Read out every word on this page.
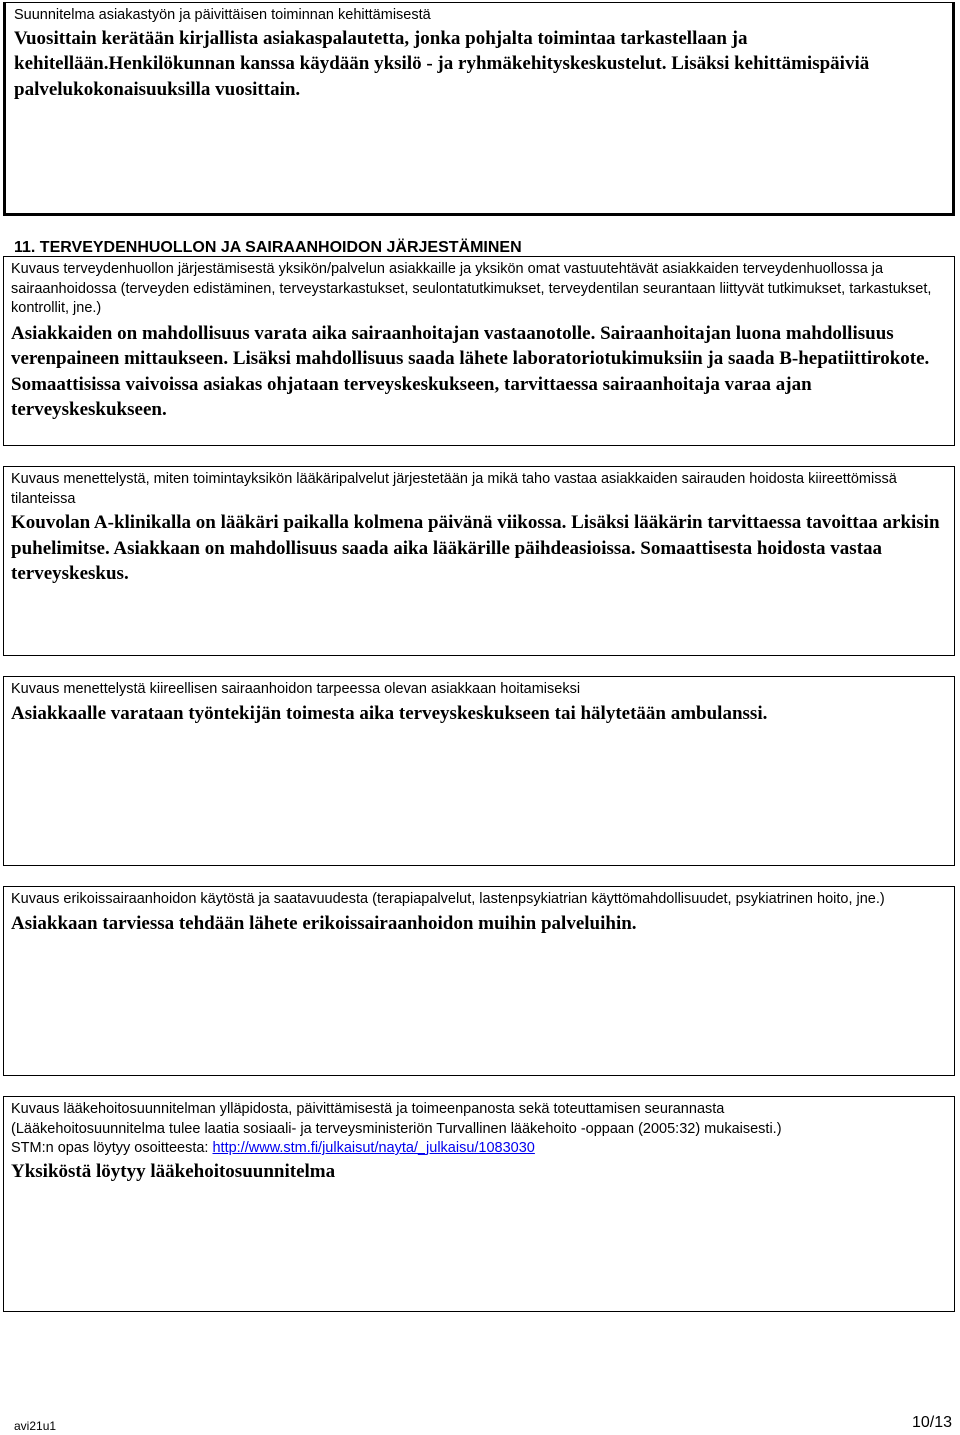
Suunnitelma asiakastyön ja päivittäisen toiminnan kehittämisestä

Vuosittain kerätään kirjallista asiakaspalautetta, jonka pohjalta toimintaa tarkastellaan ja kehitellään.Henkilökunnan kanssa käydään yksilö - ja ryhmäkehityskeskustelut. Lisäksi kehittämispäiviä palvelukokonaisuuksilla vuosittain.

11. TERVEYDENHUOLLON JA SAIRAANHOIDON JÄRJESTÄMINEN

Kuvaus terveydenhuollon järjestämisestä yksikön/palvelun asiakkaille ja yksikön omat vastuutehtävät asiakkaiden terveydenhuollossa ja sairaanhoidossa (terveyden edistäminen, terveystarkastukset, seulontatutkimukset, terveydentilan seurantaan liittyvät tutkimukset, tarkastukset, kontrollit, jne.)

Asiakkaiden on mahdollisuus varata aika sairaanhoitajan vastaanotolle. Sairaanhoitajan luona mahdollisuus verenpaineen mittaukseen. Lisäksi mahdollisuus saada lähete laboratoriotukimuksiin ja saada B-hepatiittirokote. Somaattisissa vaivoissa asiakas ohjataan terveyskeskukseen, tarvittaessa sairaanhoitaja varaa ajan terveyskeskukseen.

Kuvaus menettelystä, miten toimintayksikön lääkäripalvelut järjestetään ja mikä taho vastaa asiakkaiden sairauden hoidosta kiireettömissä tilanteissa

Kouvolan A-klinikalla on lääkäri paikalla kolmena päivänä viikossa. Lisäksi lääkärin tarvittaessa tavoittaa arkisin puhelimitse. Asiakkaan on mahdollisuus saada aika lääkärille päihdeasioissa. Somaattisesta hoidosta vastaa terveyskeskus.

Kuvaus menettelystä kiireellisen sairaanhoidon tarpeessa olevan asiakkaan hoitamiseksi

Asiakkaalle varataan työntekijän toimesta aika terveyskeskukseen tai hälytetään ambulanssi.

Kuvaus erikoissairaanhoidon käytöstä ja saatavuudesta (terapiapalvelut, lastenpsykiatrian käyttömahdollisuudet, psykiatrinen hoito, jne.)

Asiakkaan tarviessa tehdään lähete erikoissairaanhoidon muihin palveluihin.

Kuvaus lääkehoitosuunnitelman ylläpidosta, päivittämisestä ja toimeenpanosta sekä toteuttamisen seurannasta

(Lääkehoitosuunnitelma tulee laatia sosiaali- ja terveysministeriön Turvallinen lääkehoito -oppaan (2005:32) mukaisesti.)

STM:n opas löytyy osoitteesta: http://www.stm.fi/julkaisut/nayta/_julkaisu/1083030

Yksiköstä löytyy lääkehoitosuunnitelma

avi21u1	10/13
